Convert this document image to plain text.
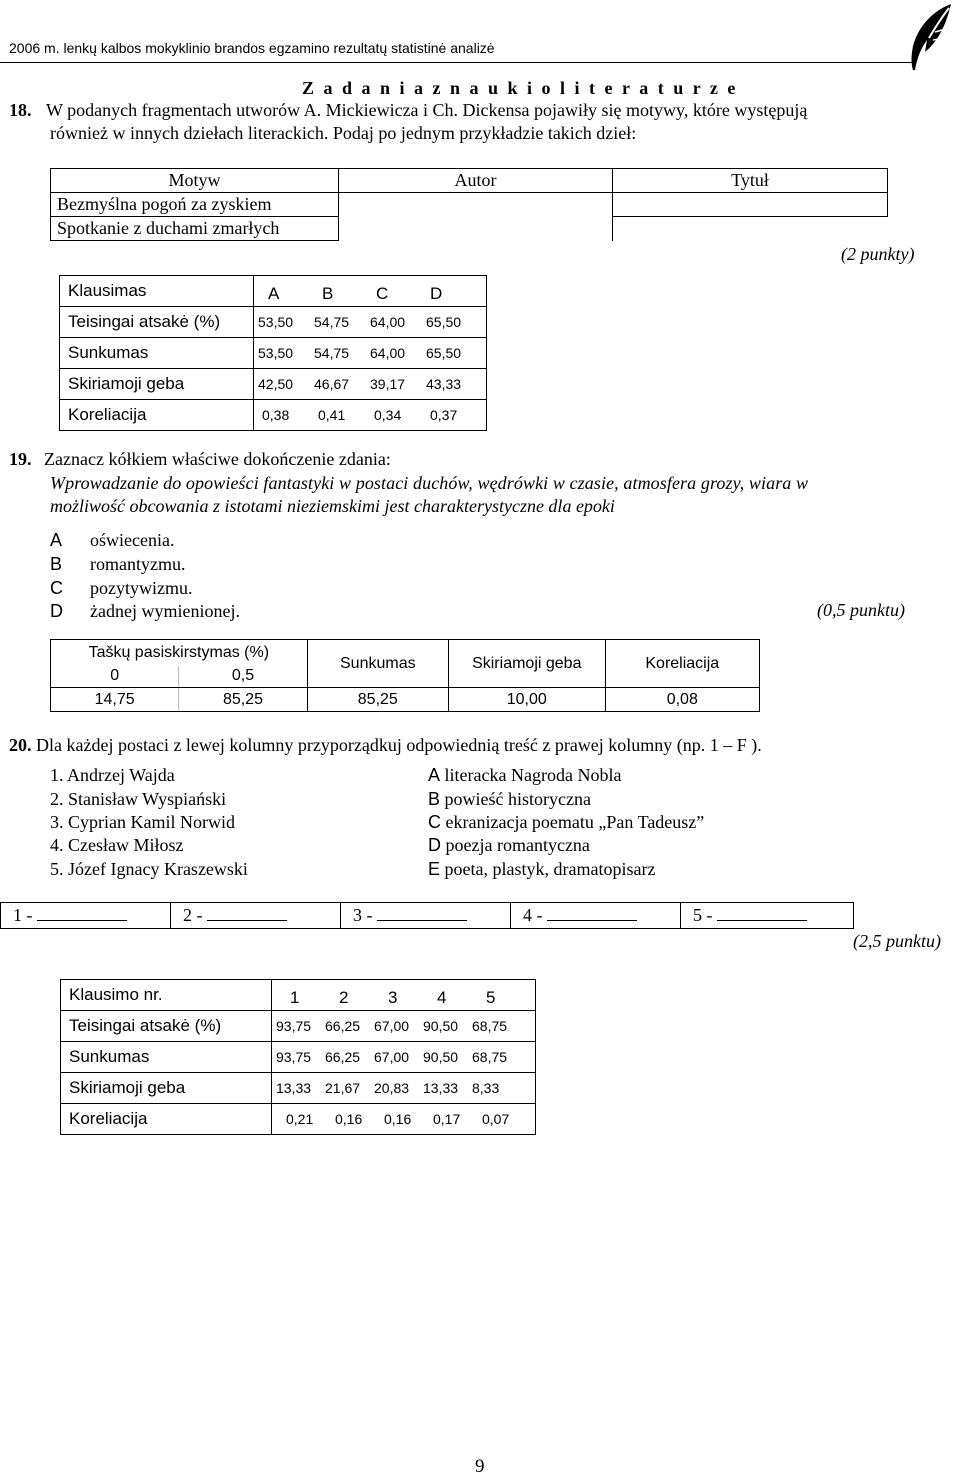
2006 m. lenkų kalbos mokyklinio brandos egzamino rezultatų statistinė analizė
Z a d a n i a z n a u k i o l i t e r a t u r z e
18. W podanych fragmentach utworów A. Mickiewicza i Ch. Dickensa pojawiły się motywy, które występują
również w innych dziełach literackich. Podaj po jednym przykładzie takich dzieł:
Motyw	Autor	Tytuł
Bezmyślna pogoń za zyskiem		
Spotkanie z duchami zmarłych		
(2 punkty)
Klausimas	A B C D

Teisingai atsakė (%)	53,50 54,75 64,00 65,50

Sunkumas	53,50 54,75 64,00 65,50

Skiriamoji geba	42,50 46,67 39,17 43,33

Koreliacija	0,38 0,41 0,34 0,37
19. Zaznacz kółkiem właściwe dokończenie zdania:
Wprowadzanie do opowieści fantastyki w postaci duchów, wędrówki w czasie, atmosfera grozy, wiara w
możliwość obcowania z istotami nieziemskimi jest charakterystyczne dla epoki
A oświecenia.
B romantyzmu.
C pozytywizmu.
D żadnej wymienionej.	(0,5 punktu)
Taškų pasiskirstymas (%)		Sunkumas	Skiriamoji geba	Koreliacija
0	0,5			
14,75	85,25	85,25	10,00	0,08
20. Dla każdej postaci z lewej kolumny przyporządkuj odpowiednią treść z prawej kolumny (np. 1 – F ).
1. Andrzej Wajda
2. Stanisław Wyspiański
3. Cyprian Kamil Norwid
4. Czesław Miłosz
5. Józef Ignacy Kraszewski
A literacka Nagroda Nobla
B powieść historyczna
C ekranizacja poematu „Pan Tadeusz”
D poezja romantyczna
E poeta, plastyk, dramatopisarz
1 -	2 -	3 -	4 -	5 -
(2,5 punktu)
Klausimo nr.	1 2 3 4 5

Teisingai atsakė (%)	93,75 66,25 67,00 90,50 68,75

Sunkumas	93,75 66,25 67,00 90,50 68,75

Skiriamoji geba	13,33 21,67 20,83 13,33 8,33

Koreliacija	0,21 0,16 0,16 0,17 0,07
9
